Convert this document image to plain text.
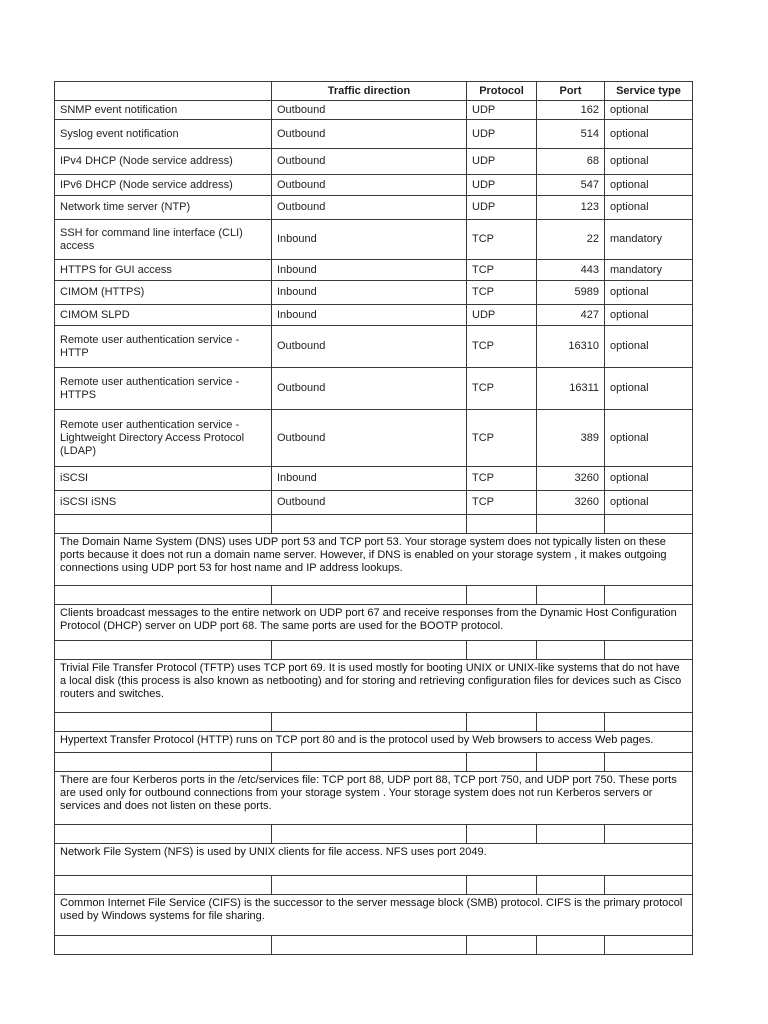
	Traffic direction	Protocol	Port	Service type
SNMP event notification	Outbound	UDP	162	optional
Syslog event notification	Outbound	UDP	514	optional
IPv4 DHCP (Node service address)	Outbound	UDP	68	optional
IPv6 DHCP (Node service address)	Outbound	UDP	547	optional
Network time server (NTP)	Outbound	UDP	123	optional
SSH for command line interface (CLI) access	Inbound	TCP	22	mandatory
HTTPS for GUI access	Inbound	TCP	443	mandatory
CIMOM (HTTPS)	Inbound	TCP	5989	optional
CIMOM SLPD	Inbound	UDP	427	optional
Remote user authentication service - HTTP	Outbound	TCP	16310	optional
Remote user authentication service - HTTPS	Outbound	TCP	16311	optional
Remote user authentication service - Lightweight Directory Access Protocol (LDAP)	Outbound	TCP	389	optional
iSCSI	Inbound	TCP	3260	optional
iSCSI iSNS	Outbound	TCP	3260	optional

The Domain Name System (DNS) uses UDP port 53 and TCP port 53. Your storage system does not typically listen on these ports because it does not run a domain name server. However, if DNS is enabled on your storage system , it makes outgoing connections using UDP port 53 for host name and IP address lookups.				

Clients broadcast messages to the entire network on UDP port 67 and receive responses from the Dynamic Host Configuration Protocol (DHCP) server on UDP port 68. The same ports are used for the BOOTP protocol.				

Trivial File Transfer Protocol (TFTP) uses TCP port 69. It is used mostly for booting UNIX or UNIX-like systems that do not have a local disk (this process is also known as netbooting) and for storing and retrieving configuration files for devices such as Cisco routers and switches.				

Hypertext Transfer Protocol (HTTP) runs on TCP port 80 and is the protocol used by Web browsers to access Web pages.				

There are four Kerberos ports in the /etc/services file: TCP port 88, UDP port 88, TCP port 750, and UDP port 750. These ports are used only for outbound connections from your storage system . Your storage system does not run Kerberos servers or services and does not listen on these ports.				

Network File System (NFS) is used by UNIX clients for file access. NFS uses port 2049.				

Common Internet File Service (CIFS) is the successor to the server message block (SMB) protocol. CIFS is the primary protocol used by Windows systems for file sharing.				
